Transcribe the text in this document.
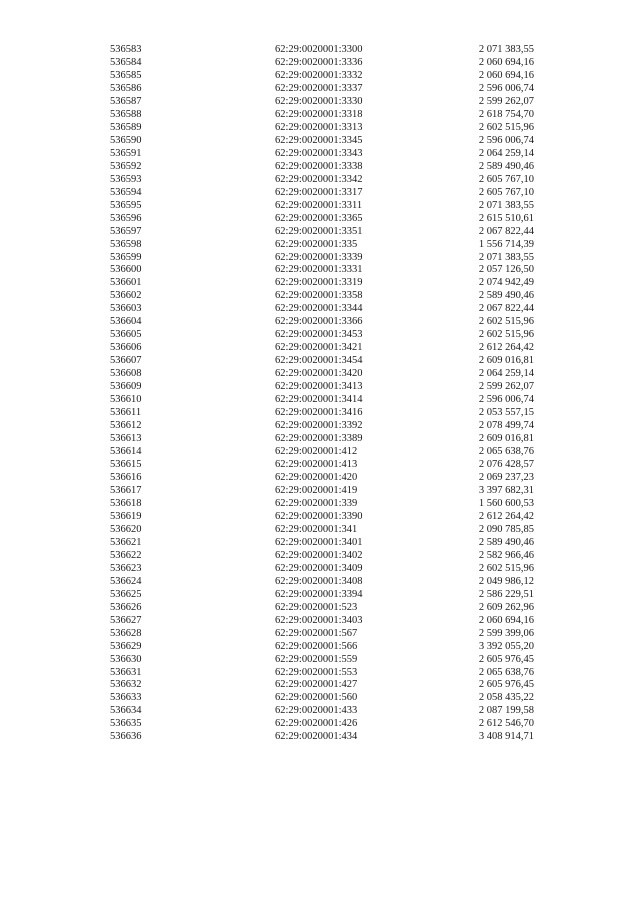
536583	62:29:0020001:3300	2 071 383,55
536584	62:29:0020001:3336	2 060 694,16
536585	62:29:0020001:3332	2 060 694,16
536586	62:29:0020001:3337	2 596 006,74
536587	62:29:0020001:3330	2 599 262,07
536588	62:29:0020001:3318	2 618 754,70
536589	62:29:0020001:3313	2 602 515,96
536590	62:29:0020001:3345	2 596 006,74
536591	62:29:0020001:3343	2 064 259,14
536592	62:29:0020001:3338	2 589 490,46
536593	62:29:0020001:3342	2 605 767,10
536594	62:29:0020001:3317	2 605 767,10
536595	62:29:0020001:3311	2 071 383,55
536596	62:29:0020001:3365	2 615 510,61
536597	62:29:0020001:3351	2 067 822,44
536598	62:29:0020001:335	1 556 714,39
536599	62:29:0020001:3339	2 071 383,55
536600	62:29:0020001:3331	2 057 126,50
536601	62:29:0020001:3319	2 074 942,49
536602	62:29:0020001:3358	2 589 490,46
536603	62:29:0020001:3344	2 067 822,44
536604	62:29:0020001:3366	2 602 515,96
536605	62:29:0020001:3453	2 602 515,96
536606	62:29:0020001:3421	2 612 264,42
536607	62:29:0020001:3454	2 609 016,81
536608	62:29:0020001:3420	2 064 259,14
536609	62:29:0020001:3413	2 599 262,07
536610	62:29:0020001:3414	2 596 006,74
536611	62:29:0020001:3416	2 053 557,15
536612	62:29:0020001:3392	2 078 499,74
536613	62:29:0020001:3389	2 609 016,81
536614	62:29:0020001:412	2 065 638,76
536615	62:29:0020001:413	2 076 428,57
536616	62:29:0020001:420	2 069 237,23
536617	62:29:0020001:419	3 397 682,31
536618	62:29:0020001:339	1 560 600,53
536619	62:29:0020001:3390	2 612 264,42
536620	62:29:0020001:341	2 090 785,85
536621	62:29:0020001:3401	2 589 490,46
536622	62:29:0020001:3402	2 582 966,46
536623	62:29:0020001:3409	2 602 515,96
536624	62:29:0020001:3408	2 049 986,12
536625	62:29:0020001:3394	2 586 229,51
536626	62:29:0020001:523	2 609 262,96
536627	62:29:0020001:3403	2 060 694,16
536628	62:29:0020001:567	2 599 399,06
536629	62:29:0020001:566	3 392 055,20
536630	62:29:0020001:559	2 605 976,45
536631	62:29:0020001:553	2 065 638,76
536632	62:29:0020001:427	2 605 976,45
536633	62:29:0020001:560	2 058 435,22
536634	62:29:0020001:433	2 087 199,58
536635	62:29:0020001:426	2 612 546,70
536636	62:29:0020001:434	3 408 914,71
